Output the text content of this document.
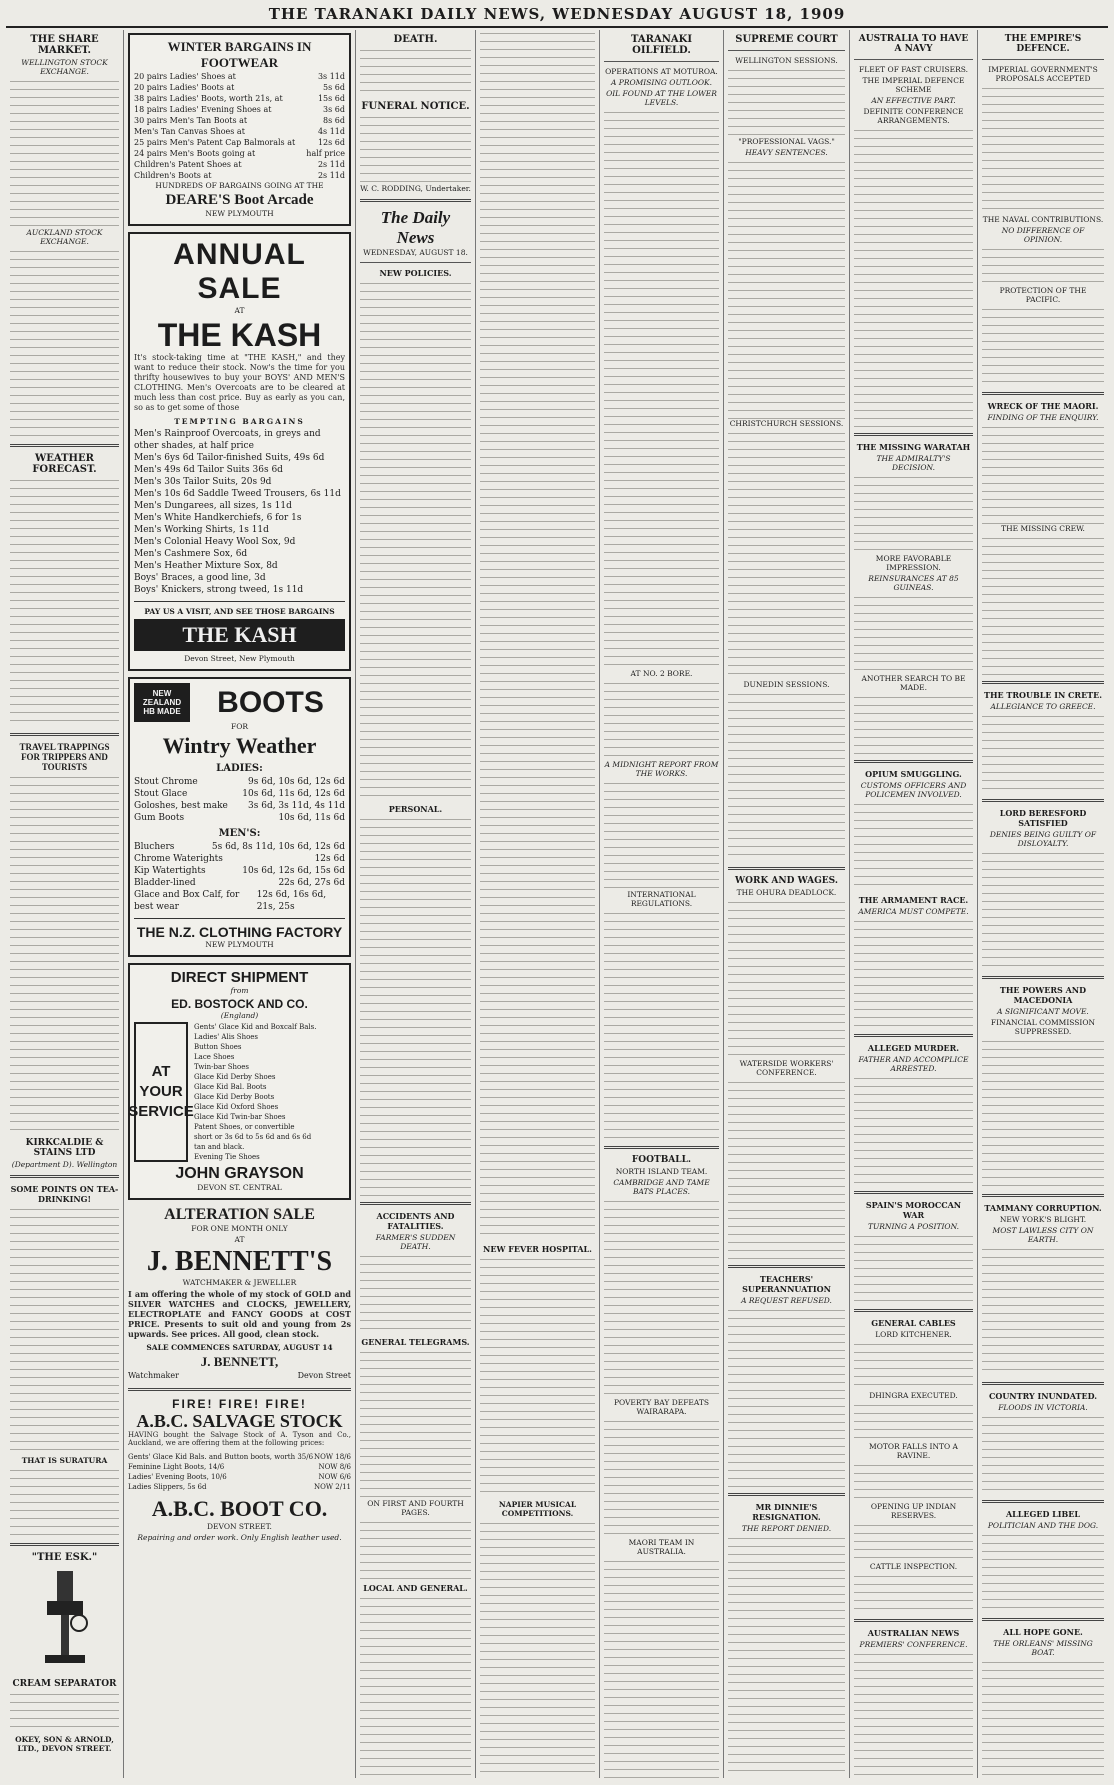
THE TARANAKI DAILY NEWS, WEDNESDAY AUGUST 18, 1909
THE SHARE MARKET.
WELLINGTON STOCK EXCHANGE.
AUCKLAND STOCK EXCHANGE.
WEATHER FORECAST.
TRAVEL TRAPPINGS FOR TRIPPERS AND TOURISTS
KIRKCALDIE & STAINS LTD
(Department D). Wellington
SOME POINTS ON TEA-DRINKING!
THAT IS SURATURA
"THE ESK."
CREAM SEPARATOR
OKEY, SON & ARNOLD, LTD., DEVON STREET.
WINTER BARGAINS IN FOOTWEAR
20 pairs Ladies' Shoes at	3s 11d
20 pairs Ladies' Boots at	5s 6d
38 pairs Ladies' Boots, worth 21s, at	15s 6d
18 pairs Ladies' Evening Shoes at	3s 6d
30 pairs Men's Tan Boots at	8s 6d
Men's Tan Canvas Shoes at	4s 11d
25 pairs Men's Patent Cap Balmorals at	12s 6d
24 pairs Men's Boots going at	half price
Children's Patent Shoes at	2s 11d
Children's Boots at	2s 11d
HUNDREDS OF BARGAINS GOING AT THE
DEARE'S Boot Arcade
NEW PLYMOUTH
ANNUAL SALE
AT
THE KASH
It's stock-taking time at "THE KASH," and they want to reduce their stock. Now's the time for you thrifty housewives to buy your BOYS' AND MEN'S CLOTHING. Men's Overcoats are to be cleared at much less than cost price. Buy as early as you can, so as to get some of those
TEMPTING BARGAINS
Men's Rainproof Overcoats, in greys and other shades, at half price
Men's 6ys 6d Tailor-finished Suits, 49s 6d
Men's 49s 6d Tailor Suits 36s 6d
Men's 30s Tailor Suits, 20s 9d
Men's 10s 6d Saddle Tweed Trousers, 6s 11d
Men's Dungarees, all sizes, 1s 11d
Men's White Handkerchiefs, 6 for 1s
Men's Working Shirts, 1s 11d
Men's Colonial Heavy Wool Sox, 9d
Men's Cashmere Sox, 6d
Men's Heather Mixture Sox, 8d
Boys' Braces, a good line, 3d
Boys' Knickers, strong tweed, 1s 11d
PAY US A VISIT, AND SEE THOSE BARGAINS
THE KASH
Devon Street, New Plymouth
NEW ZEALAND HB MADE	BOOTS
FOR
Wintry Weather
LADIES:
Stout Chrome	9s 6d, 10s 6d, 12s 6d
Stout Glace	10s 6d, 11s 6d, 12s 6d
Goloshes, best make 3s 6d, 3s 11d, 4s 11d
Gum Boots	10s 6d, 11s 6d
MEN'S:
Bluchers	5s 6d, 8s 11d, 10s 6d, 12s 6d
Chrome Waterights	12s 6d
Kip Watertights	10s 6d, 12s 6d, 15s 6d
Bladder-lined	22s 6d, 27s 6d
Glace and Box Calf, for best wear
12s 6d, 16s 6d, 21s, 25s
THE N.Z. CLOTHING FACTORY
NEW PLYMOUTH
DIRECT SHIPMENT
from
ED. BOSTOCK AND CO.
(England)
AT YOUR SERVICE
Gents' Glace Kid and Boxcalf Bals.
Ladies' Alis Shoes
Button Shoes
Lace Shoes
Twin-bar Shoes
Glace Kid Derby Shoes
Glace Kid Bal. Boots
Glace Kid Derby Boots
Glace Kid Oxford Shoes
Glace Kid Twin-bar Shoes
Patent Shoes, or convertible
short or 3s 6d to 5s 6d and 6s 6d
tan and black.
Evening Tie Shoes
JOHN GRAYSON
DEVON ST. CENTRAL
ALTERATION SALE
FOR ONE MONTH ONLY
AT
J. BENNETT'S
WATCHMAKER & JEWELLER
I am offering the whole of my stock of GOLD and SILVER WATCHES and CLOCKS, JEWELLERY, ELECTROPLATE and FANCY GOODS at COST PRICE. Presents to suit old and young from 2s upwards. See prices. All good, clean stock.
SALE COMMENCES SATURDAY, AUGUST 14
J. BENNETT,
Watchmaker	Devon Street
FIRE! FIRE! FIRE!
A.B.C. SALVAGE STOCK
HAVING bought the Salvage Stock of A. Tyson and Co., Auckland, we are offering them at the following prices:
Gents' Glace Kid Bals. and Button boots, worth 35/6 NOW 18/6
Feminine Light Boots, 14/6	NOW 8/6
Ladies' Evening Boots, 10/6	NOW 6/6
Ladies Slippers, 5s 6d	NOW 2/11
A.B.C. BOOT CO.
DEVON STREET.
Repairing and order work. Only English leather used.
DEATH.
FUNERAL NOTICE.
W. C. RODDING, Undertaker.
The Daily News
WEDNESDAY, AUGUST 18.
NEW POLICIES.
PERSONAL.
ACCIDENTS AND FATALITIES.
FARMER'S SUDDEN DEATH.
GENERAL TELEGRAMS.
ON FIRST AND FOURTH PAGES.
LOCAL AND GENERAL.
NEW FEVER HOSPITAL.
NAPIER MUSICAL COMPETITIONS.
TARANAKI OILFIELD.
OPERATIONS AT MOTUROA.
A PROMISING OUTLOOK.
OIL FOUND AT THE LOWER LEVELS.
AT NO. 2 BORE.
A MIDNIGHT REPORT FROM THE WORKS.
INTERNATIONAL REGULATIONS.
FOOTBALL.
NORTH ISLAND TEAM.
CAMBRIDGE AND TAME BATS PLACES.
POVERTY BAY DEFEATS WAIRARAPA.
MAORI TEAM IN AUSTRALIA.
SUPREME COURT
WELLINGTON SESSIONS.
"PROFESSIONAL VAGS."
HEAVY SENTENCES.
CHRISTCHURCH SESSIONS.
DUNEDIN SESSIONS.
WORK AND WAGES.
THE OHURA DEADLOCK.
WATERSIDE WORKERS' CONFERENCE.
TEACHERS' SUPERANNUATION
A REQUEST REFUSED.
MR DINNIE'S RESIGNATION.
THE REPORT DENIED.
AUSTRALIA TO HAVE A NAVY
FLEET OF FAST CRUISERS.
THE IMPERIAL DEFENCE SCHEME
AN EFFECTIVE PART.
DEFINITE CONFERENCE ARRANGEMENTS.
THE MISSING WARATAH
THE ADMIRALTY'S DECISION.
MORE FAVORABLE IMPRESSION.
REINSURANCES AT 85 GUINEAS.
ANOTHER SEARCH TO BE MADE.
OPIUM SMUGGLING.
CUSTOMS OFFICERS AND POLICEMEN INVOLVED.
THE ARMAMENT RACE.
AMERICA MUST COMPETE.
ALLEGED MURDER.
FATHER AND ACCOMPLICE ARRESTED.
SPAIN'S MOROCCAN WAR
TURNING A POSITION.
GENERAL CABLES
LORD KITCHENER.
DHINGRA EXECUTED.
MOTOR FALLS INTO A RAVINE.
OPENING UP INDIAN RESERVES.
CATTLE INSPECTION.
AUSTRALIAN NEWS
PREMIERS' CONFERENCE.
THE EMPIRE'S DEFENCE.
IMPERIAL GOVERNMENT'S PROPOSALS ACCEPTED
THE NAVAL CONTRIBUTIONS.
NO DIFFERENCE OF OPINION.
PROTECTION OF THE PACIFIC.
WRECK OF THE MAORI.
FINDING OF THE ENQUIRY.
THE MISSING CREW.
THE TROUBLE IN CRETE.
ALLEGIANCE TO GREECE.
LORD BERESFORD SATISFIED
DENIES BEING GUILTY OF DISLOYALTY.
THE POWERS AND MACEDONIA
A SIGNIFICANT MOVE.
FINANCIAL COMMISSION SUPPRESSED.
TAMMANY CORRUPTION.
NEW YORK'S BLIGHT.
MOST LAWLESS CITY ON EARTH.
COUNTRY INUNDATED.
FLOODS IN VICTORIA.
ALLEGED LIBEL
POLITICIAN AND THE DOG.
ALL HOPE GONE.
THE ORLEANS' MISSING BOAT.
